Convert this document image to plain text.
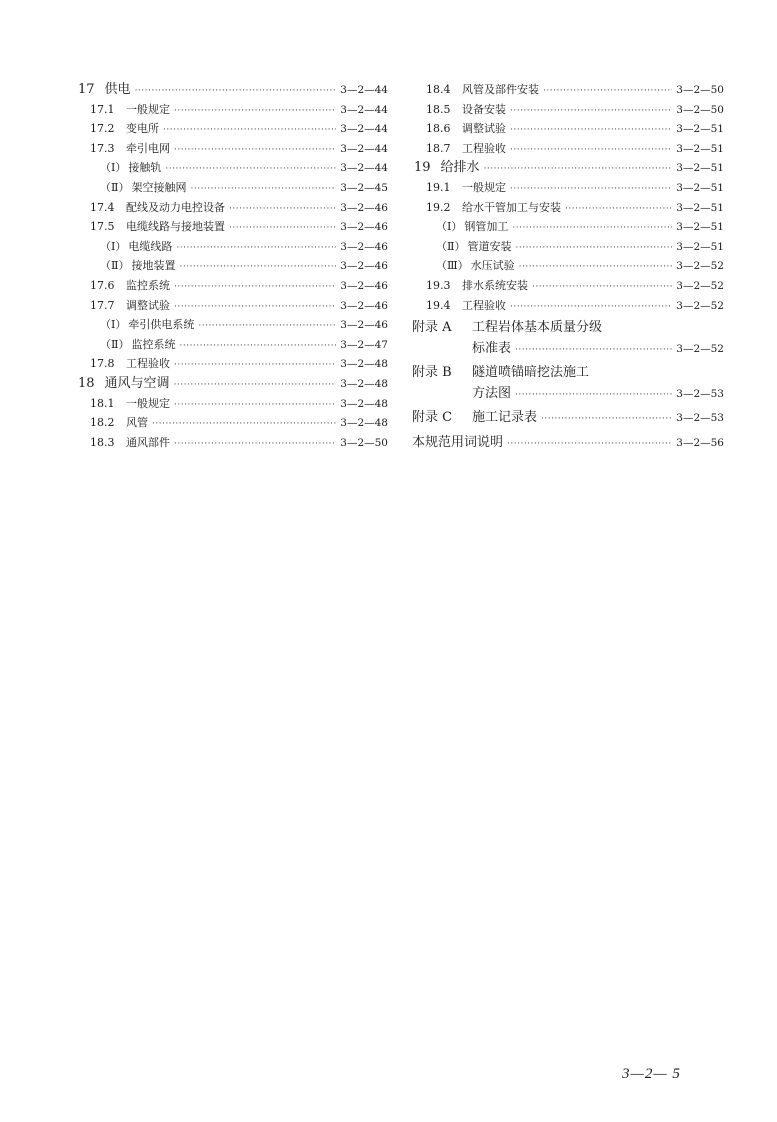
17 供电 ·····	3—2—44
17.1	一般规定 ·····	3—2—44
17.2	变电所 ·····	3—2—44
17.3	牵引电网 ·····	3—2—44
（Ⅰ） 接触轨 ·····	3—2—44
（Ⅱ） 架空接触网 ·····	3—2—45
17.4	配线及动力电控设备 ·····	3—2—46
17.5	电缆线路与接地装置 ·····	3—2—46
（Ⅰ） 电缆线路 ·····	3—2—46
（Ⅱ） 接地装置 ·····	3—2—46
17.6	监控系统 ·····	3—2—46
17.7	调整试验 ·····	3—2—46
（Ⅰ） 牵引供电系统 ·····	3—2—46
（Ⅱ） 监控系统 ·····	3—2—47
17.8	工程验收 ·····	3—2—48
18 通风与空调 ·····	3—2—48
18.1	一般规定 ·····	3—2—48
18.2	风管 ·····	3—2—48
18.3	通风部件 ·····	3—2—50
18.4	风管及部件安装 ·····	3—2—50
18.5	设备安装 ·····	3—2—50
18.6	调整试验 ·····	3—2—51
18.7	工程验收 ·····	3—2—51
19 给排水 ·····	3—2—51
19.1	一般规定 ·····	3—2—51
19.2	给水干管加工与安装 ·····	3—2—51
（Ⅰ） 钢管加工 ·····	3—2—51
（Ⅱ） 管道安装 ·····	3—2—51
（Ⅲ） 水压试验 ·····	3—2—52
19.3	排水系统安装 ·····	3—2—52
19.4	工程验收 ·····	3—2—52
附录 A	工程岩体基本质量分级
标准表 ·····	3—2—52
附录 B	隧道喷锚暗挖法施工
方法图 ·····	3—2—53
附录 C	施工记录表 ·····	3—2—53
本规范用词说明 ·····	3—2—56
3—2— 5
